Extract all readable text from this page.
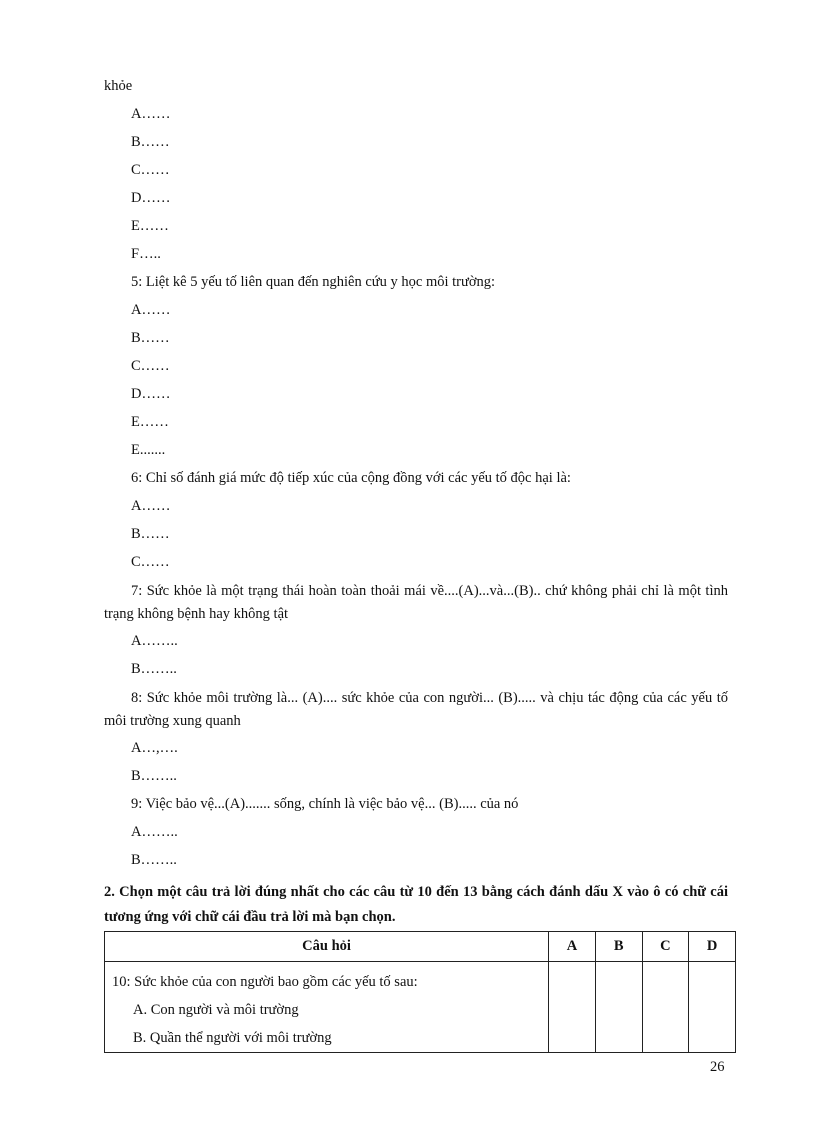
khỏe
A……
B……
C……
D……
E……
F…..
5: Liệt kê 5 yếu tố liên quan đến nghiên cứu y học môi trường:
A……
B……
C……
D……
E……
E.......
6: Chỉ số đánh giá mức độ tiếp xúc của cộng đồng với các yếu tố độc hại là:
A……
B……
C……
7: Sức khỏe là một trạng thái hoàn toàn thoải mái về....(A)...và...(B).. chứ không phải chỉ là một tình trạng không bệnh hay không tật
A……..
B……..
8: Sức khỏe môi trường là... (A).... sức khỏe của con người... (B)..... và chịu tác động của các yếu tố môi trường xung quanh
A…,….
B……..
9: Việc bảo vệ...(A)....... sống, chính là việc bảo vệ... (B)..... của nó
A……..
B……..
2. Chọn một câu trả lời đúng nhất cho các câu từ 10 đến 13 bằng cách đánh dấu X vào ô có chữ cái tương ứng với chữ cái đầu trả lời mà bạn chọn.
Câu hỏi	A	B	C	D

10: Sức khỏe của con người bao gồm các yếu tố sau:
A. Con người và môi trường
B. Quần thể người với môi trường				

26
